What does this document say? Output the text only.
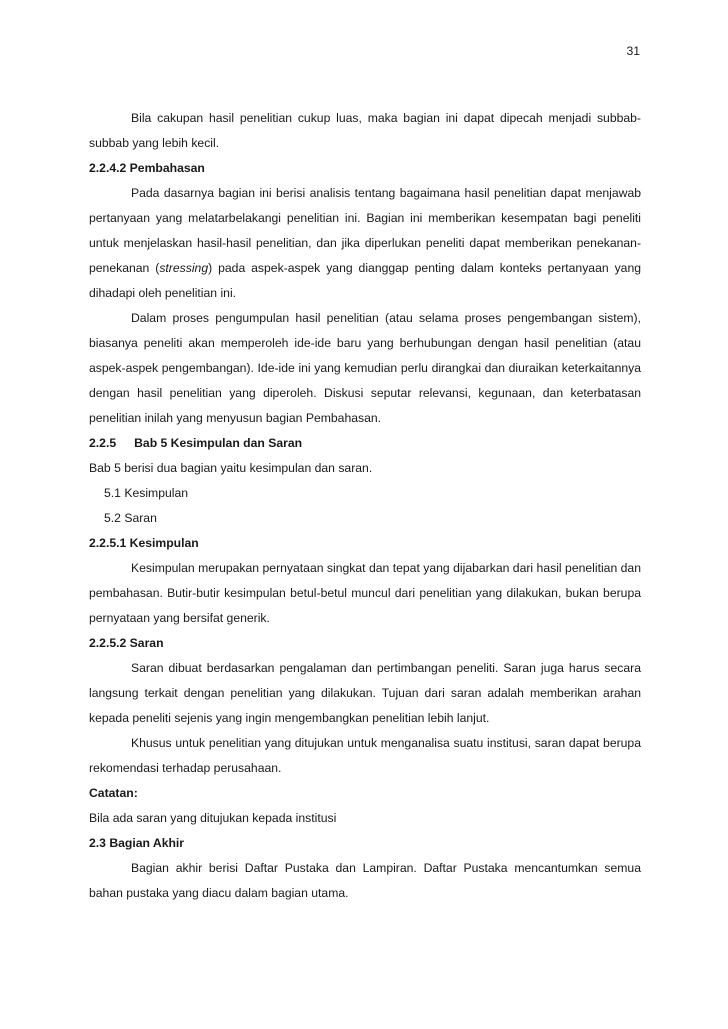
31

Bila cakupan hasil penelitian cukup luas, maka bagian ini dapat dipecah menjadi subbab-subbab yang lebih kecil.

2.2.4.2 Pembahasan

Pada dasarnya bagian ini berisi analisis tentang bagaimana hasil penelitian dapat menjawab pertanyaan yang melatarbelakangi penelitian ini. Bagian ini memberikan kesempatan bagi peneliti untuk menjelaskan hasil-hasil penelitian, dan jika diperlukan peneliti dapat memberikan penekanan-penekanan (stressing) pada aspek-aspek yang dianggap penting dalam konteks pertanyaan yang dihadapi oleh penelitian ini.

Dalam proses pengumpulan hasil penelitian (atau selama proses pengembangan sistem), biasanya peneliti akan memperoleh ide-ide baru yang berhubungan dengan hasil penelitian (atau aspek-aspek pengembangan). Ide-ide ini yang kemudian perlu dirangkai dan diuraikan keterkaitannya dengan hasil penelitian yang diperoleh. Diskusi seputar relevansi, kegunaan, dan keterbatasan penelitian inilah yang menyusun bagian Pembahasan.

2.2.5 Bab 5 Kesimpulan dan Saran

Bab 5 berisi dua bagian yaitu kesimpulan dan saran.

5.1 Kesimpulan

5.2 Saran

2.2.5.1 Kesimpulan

Kesimpulan merupakan pernyataan singkat dan tepat yang dijabarkan dari hasil penelitian dan pembahasan. Butir-butir kesimpulan betul-betul muncul dari penelitian yang dilakukan, bukan berupa pernyataan yang bersifat generik.

2.2.5.2 Saran

Saran dibuat berdasarkan pengalaman dan pertimbangan peneliti. Saran juga harus secara langsung terkait dengan penelitian yang dilakukan. Tujuan dari saran adalah memberikan arahan kepada peneliti sejenis yang ingin mengembangkan penelitian lebih lanjut.

Khusus untuk penelitian yang ditujukan untuk menganalisa suatu institusi, saran dapat berupa rekomendasi terhadap perusahaan.

Catatan:

Bila ada saran yang ditujukan kepada institusi

2.3 Bagian Akhir

Bagian akhir berisi Daftar Pustaka dan Lampiran. Daftar Pustaka mencantumkan semua bahan pustaka yang diacu dalam bagian utama.
